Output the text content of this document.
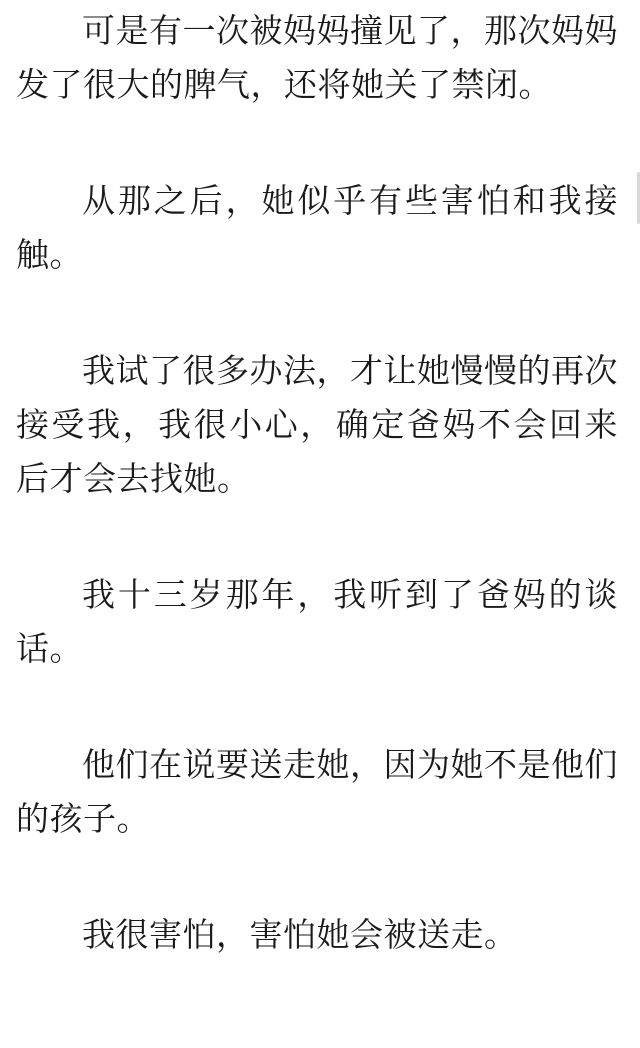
可是有一次被妈妈撞见了，那次妈妈发了很大的脾气，还将她关了禁闭。

从那之后，她似乎有些害怕和我接触。

我试了很多办法，才让她慢慢的再次接受我，我很小心，确定爸妈不会回来后才会去找她。

我十三岁那年，我听到了爸妈的谈话。

他们在说要送走她，因为她不是他们的孩子。

我很害怕，害怕她会被送走。
